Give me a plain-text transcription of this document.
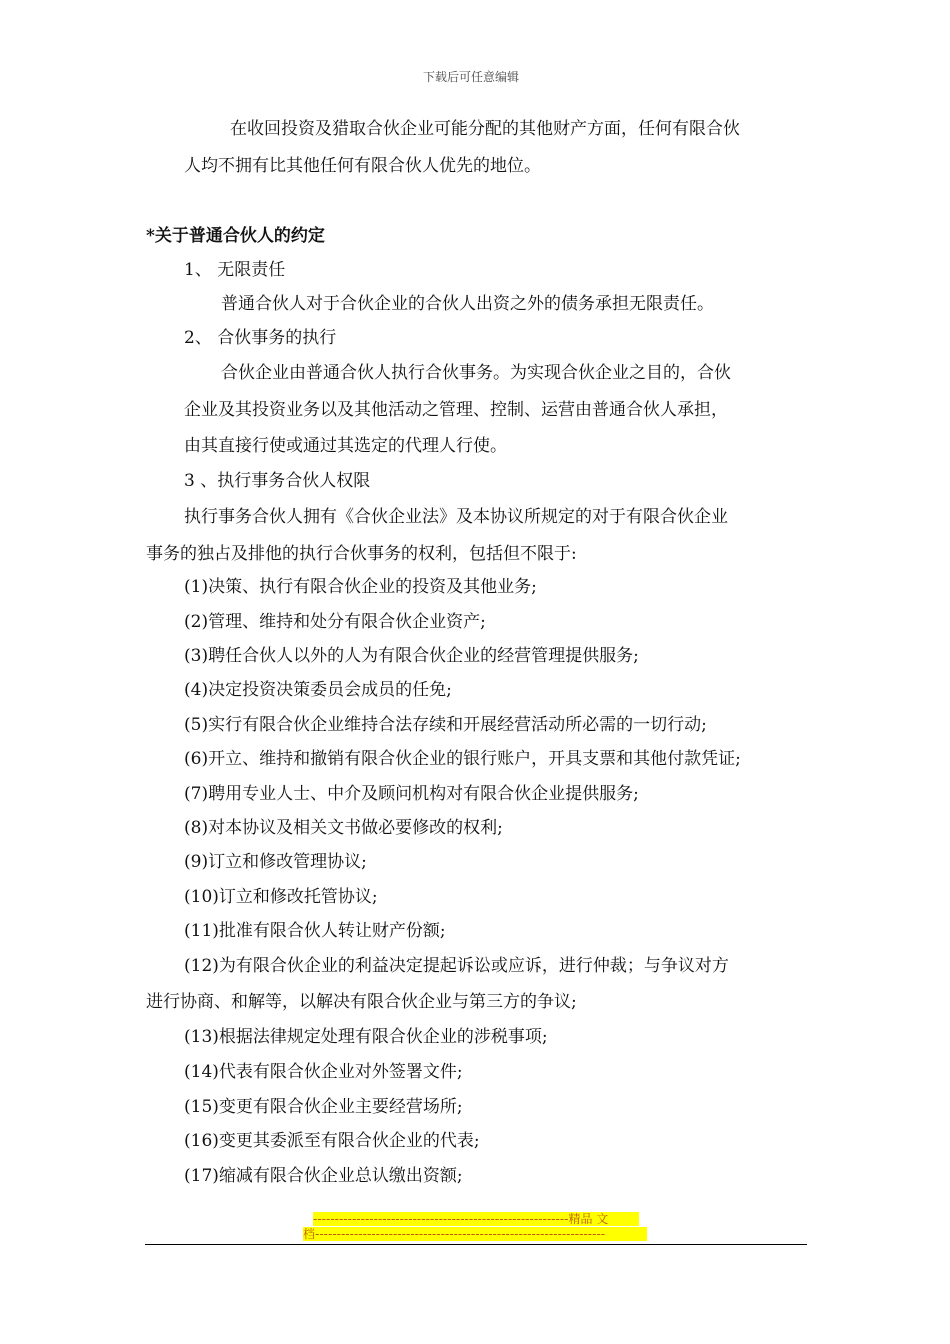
下载后可任意编辑
在收回投资及猎取合伙企业可能分配的其他财产方面，任何有限合伙
人均不拥有比其他任何有限合伙人优先的地位。
*关于普通合伙人的约定
1、 无限责任
普通合伙人对于合伙企业的合伙人出资之外的债务承担无限责任。
2、 合伙事务的执行
合伙企业由普通合伙人执行合伙事务。为实现合伙企业之目的，合伙
企业及其投资业务以及其他活动之管理、控制、运营由普通合伙人承担，
由其直接行使或通过其选定的代理人行使。
3 、执行事务合伙人权限
执行事务合伙人拥有《合伙企业法》及本协议所规定的对于有限合伙企业
事务的独占及排他的执行合伙事务的权利，包括但不限于:
(1)决策、执行有限合伙企业的投资及其他业务;
(2)管理、维持和处分有限合伙企业资产;
(3)聘任合伙人以外的人为有限合伙企业的经营管理提供服务;
(4)决定投资决策委员会成员的任免;
(5)实行有限合伙企业维持合法存续和开展经营活动所必需的一切行动;
(6)开立、维持和撤销有限合伙企业的银行账户，开具支票和其他付款凭证;
(7)聘用专业人士、中介及顾问机构对有限合伙企业提供服务;
(8)对本协议及相关文书做必要修改的权利;
(9)订立和修改管理协议;
(10)订立和修改托管协议;
(11)批准有限合伙人转让财产份额;
(12)为有限合伙企业的利益决定提起诉讼或应诉，进行仲裁；与争议对方
进行协商、和解等，以解决有限合伙企业与第三方的争议;
(13)根据法律规定处理有限合伙企业的涉税事项;
(14)代表有限合伙企业对外签署文件;
(15)变更有限合伙企业主要经营场所;
(16)变更其委派至有限合伙企业的代表;
(17)缩减有限合伙企业总认缴出资额;
-----------------------------------------------------------精品 文
档-------------------------------------------------------------------
